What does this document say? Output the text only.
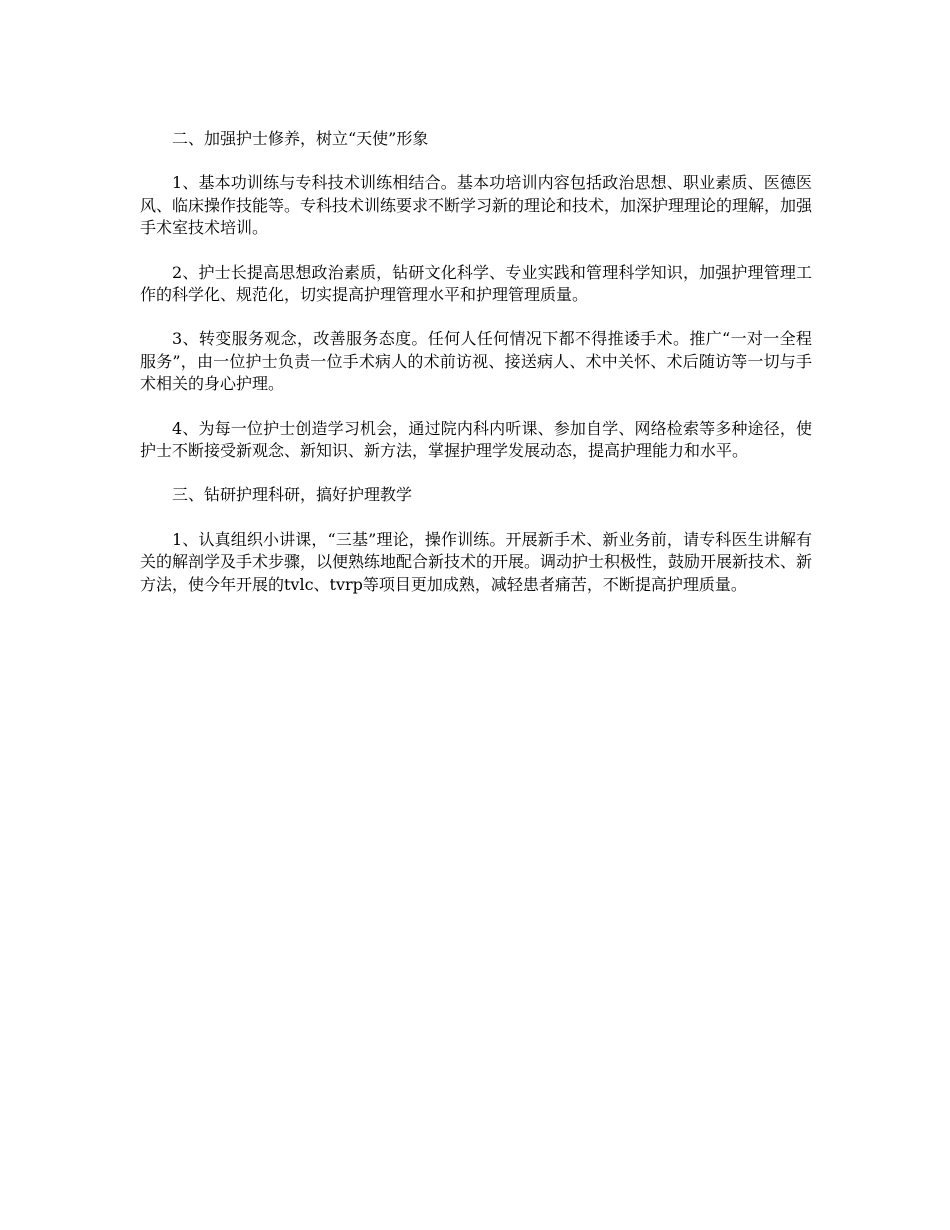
二、加强护士修养，树立“天使”形象

1、基本功训练与专科技术训练相结合。基本功培训内容包括政治思想、职业素质、医德医风、临床操作技能等。专科技术训练要求不断学习新的理论和技术，加深护理理论的理解，加强手术室技术培训。

2、护士长提高思想政治素质，钻研文化科学、专业实践和管理科学知识，加强护理管理工作的科学化、规范化，切实提高护理管理水平和护理管理质量。

3、转变服务观念，改善服务态度。任何人任何情况下都不得推诿手术。推广“一对一全程服务”，由一位护士负责一位手术病人的术前访视、接送病人、术中关怀、术后随访等一切与手术相关的身心护理。

4、为每一位护士创造学习机会，通过院内科内听课、参加自学、网络检索等多种途径，使护士不断接受新观念、新知识、新方法，掌握护理学发展动态，提高护理能力和水平。

三、钻研护理科研，搞好护理教学

1、认真组织小讲课，“三基”理论，操作训练。开展新手术、新业务前，请专科医生讲解有关的解剖学及手术步骤，以便熟练地配合新技术的开展。调动护士积极性，鼓励开展新技术、新方法，使今年开展的tvlc、tvrp等项目更加成熟，减轻患者痛苦，不断提高护理质量。
